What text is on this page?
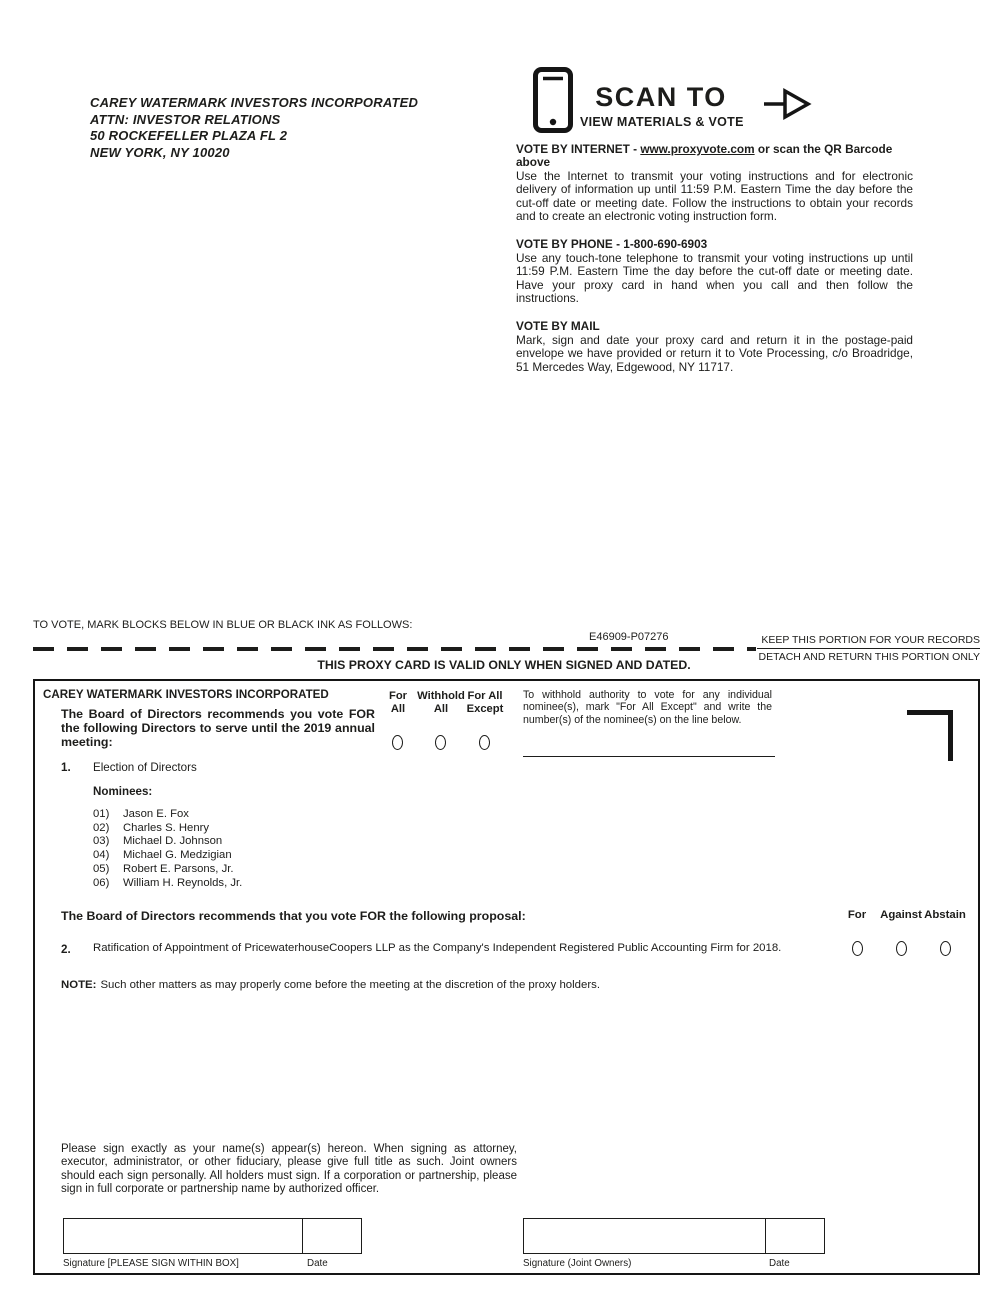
CAREY WATERMARK INVESTORS INCORPORATED
ATTN: INVESTOR RELATIONS
50 ROCKEFELLER PLAZA FL 2
NEW YORK, NY 10020
SCAN TO
VIEW MATERIALS & VOTE
VOTE BY INTERNET - www.proxyvote.com or scan the QR Barcode above
Use the Internet to transmit your voting instructions and for electronic delivery of information up until 11:59 P.M. Eastern Time the day before the cut-off date or meeting date. Follow the instructions to obtain your records and to create an electronic voting instruction form.
VOTE BY PHONE - 1-800-690-6903
Use any touch-tone telephone to transmit your voting instructions up until 11:59 P.M. Eastern Time the day before the cut-off date or meeting date. Have your proxy card in hand when you call and then follow the instructions.
VOTE BY MAIL
Mark, sign and date your proxy card and return it in the postage-paid envelope we have provided or return it to Vote Processing, c/o Broadridge, 51 Mercedes Way, Edgewood, NY 11717.
TO VOTE, MARK BLOCKS BELOW IN BLUE OR BLACK INK AS FOLLOWS:
E46909-P07276	KEEP THIS PORTION FOR YOUR RECORDS
DETACH AND RETURN THIS PORTION ONLY
THIS PROXY CARD IS VALID ONLY WHEN SIGNED AND DATED.
CAREY WATERMARK INVESTORS INCORPORATED
The Board of Directors recommends you vote FOR the following Directors to serve until the 2019 annual meeting:
For
All
Withhold
All
For All
Except
To withhold authority to vote for any individual nominee(s), mark "For All Except" and write the number(s) of the nominee(s) on the line below.
1. Election of Directors
Nominees:
01)	Jason E. Fox
02)	Charles S. Henry
03)	Michael D. Johnson
04)	Michael G. Medzigian
05)	Robert E. Parsons, Jr.
06)	William H. Reynolds, Jr.
The Board of Directors recommends that you vote FOR the following proposal:	For	Against Abstain
2. Ratification of Appointment of PricewaterhouseCoopers LLP as the Company's Independent Registered Public Accounting Firm for 2018.
NOTE: Such other matters as may properly come before the meeting at the discretion of the proxy holders.
Please sign exactly as your name(s) appear(s) hereon. When signing as attorney, executor, administrator, or other fiduciary, please give full title as such. Joint owners should each sign personally. All holders must sign. If a corporation or partnership, please sign in full corporate or partnership name by authorized officer.
Signature [PLEASE SIGN WITHIN BOX]	Date	Signature (Joint Owners)	Date
